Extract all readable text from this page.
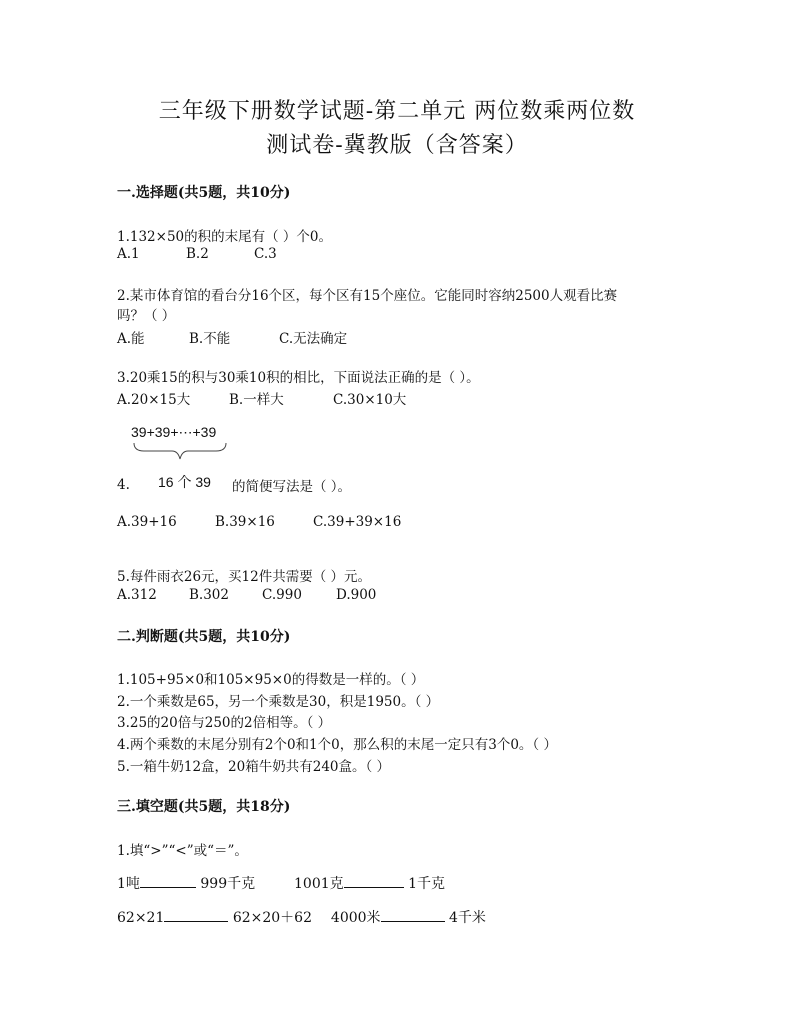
三年级下册数学试题-第二单元 两位数乘两位数
测试卷-冀教版（含答案）
一.选择题(共5题，共10分)
1.132×50的积的末尾有（ ）个0。
A.1	B.2	C.3
2.某市体育馆的看台分16个区，每个区有15个座位。它能同时容纳2500人观看比赛
吗？（ ）
A.能	B.不能	C.无法确定
3.20乘15的积与30乘10积的相比，下面说法正确的是（ ）。
A.20×15大	B.一样大	C.30×10大
39+39+⋯+39
16 个 39
4.	的简便写法是（ ）。
A.39+16	B.39×16	C.39+39×16
5.每件雨衣26元，买12件共需要（ ）元。
A.312	B.302	C.990	D.900
二.判断题(共5题，共10分)
1.105+95×0和105×95×0的得数是一样的。（ ）
2.一个乘数是65，另一个乘数是30，积是1950。（ ）
3.25的20倍与250的2倍相等。（ ）
4.两个乘数的末尾分别有2个0和1个0，那么积的末尾一定只有3个0。（ ）
5.一箱牛奶12盒，20箱牛奶共有240盒。（ ）
三.填空题(共5题，共18分)
1.填“>”“<”或“＝”。
1吨	999千克	1001克	1千克
62×21	62×20＋62 4000米	4千米
